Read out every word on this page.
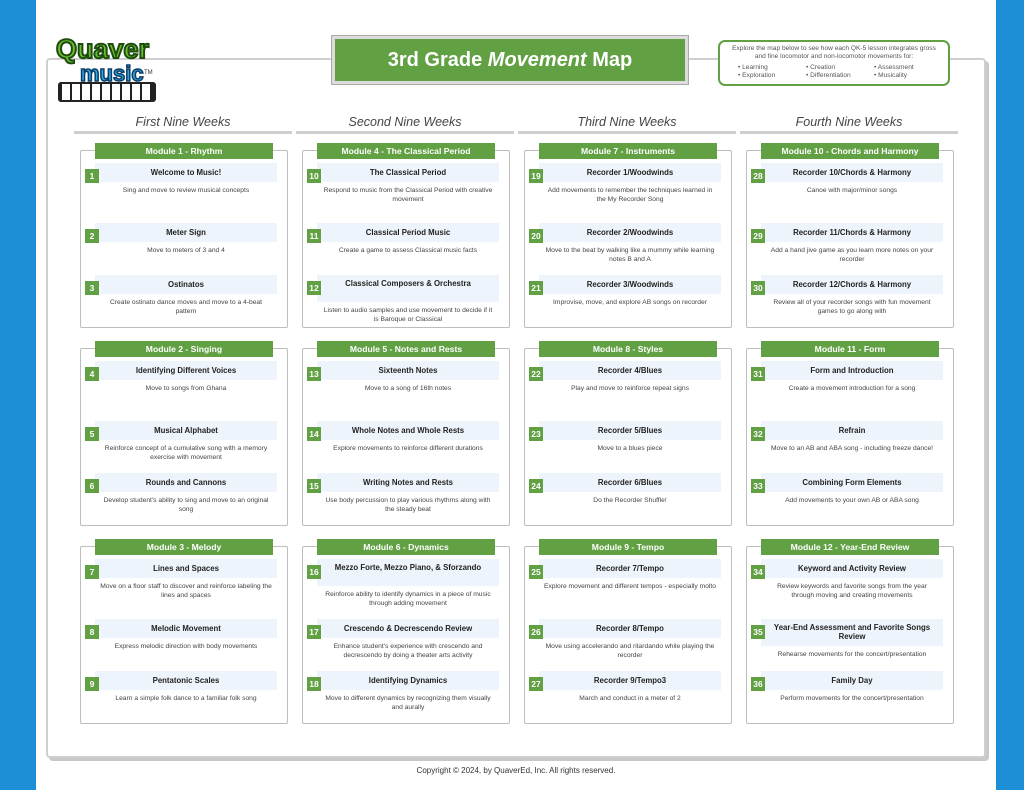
Quaver
music TM
3rd Grade Movement Map
Explore the map below to see how each QK-5 lesson integrates gross and fine locomotor and non-locomotor movements for:
• Learning	• Creation	• Assessment
• Exploration	• Differentiation	• Musicality
First Nine Weeks	Second Nine Weeks	Third Nine Weeks	Fourth Nine Weeks
Module 1 - Rhythm
1	Welcome to Music!
Sing and move to review musical concepts
2	Meter Sign
Move to meters of 3 and 4
3	Ostinatos
Create ostinato dance moves and move to a 4-beat pattern
Module 4 - The Classical Period
10	The Classical Period
Respond to music from the Classical Period with creative movement
11	Classical Period Music
Create a game to assess Classical music facts
12	Classical Composers & Orchestra
Listen to audio samples and use movement to decide if it is Baroque or Classical
Module 7 - Instruments
19	Recorder 1/Woodwinds
Add movements to remember the techniques learned in the My Recorder Song
20	Recorder 2/Woodwinds
Move to the beat by walking like a mummy while learning notes B and A
21	Recorder 3/Woodwinds
Improvise, move, and explore AB songs on recorder
Module 10 - Chords and Harmony
28	Recorder 10/Chords & Harmony
Canoe with major/minor songs
29	Recorder 11/Chords & Harmony
Add a hand jive game as you learn more notes on your recorder
30	Recorder 12/Chords & Harmony
Review all of your recorder songs with fun movement games to go along with
Module 2 - Singing
4	Identifying Different Voices
Move to songs from Ghana
5	Musical Alphabet
Reinforce concept of a cumulative song with a memory exercise with movement
6	Rounds and Cannons
Develop student's ability to sing and move to an original song
Module 5 - Notes and Rests
13	Sixteenth Notes
Move to a song of 16th notes
14	Whole Notes and Whole Rests
Explore movements to reinforce different durations
15	Writing Notes and Rests
Use body percussion to play various rhythms along with the steady beat
Module 8 - Styles
22	Recorder 4/Blues
Play and move to reinforce repeat signs
23	Recorder 5/Blues
Move to a blues piece
24	Recorder 6/Blues
Do the Recorder Shuffle!
Module 11 - Form
31	Form and Introduction
Create a movement introduction for a song
32	Refrain
Move to an AB and ABA song - including freeze dance!
33	Combining Form Elements
Add movements to your own AB or ABA song
Module 3 - Melody
7	Lines and Spaces
Move on a floor staff to discover and reinforce labeling the lines and spaces
8	Melodic Movement
Express melodic direction with body movements
9	Pentatonic Scales
Learn a simple folk dance to a familiar folk song
Module 6 - Dynamics
16	Mezzo Forte, Mezzo Piano, & Sforzando
Reinforce ability to identify dynamics in a piece of music through adding movement
17	Crescendo & Decrescendo Review
Enhance student's experience with crescendo and decrescendo by doing a theater arts activity
18	Identifying Dynamics
Move to different dynamics by recognizing them visually and aurally
Module 9 - Tempo
25	Recorder 7/Tempo
Explore movement and different tempos - especially molto
26	Recorder 8/Tempo
Move using accelerando and ritardando while playing the recorder
27	Recorder 9/Tempo3
March and conduct in a meter of 2
Module 12 - Year-End Review
34	Keyword and Activity Review
Review keywords and favorite songs from the year through moving and creating movements
35	Year-End Assessment and Favorite Songs Review
Rehearse movements for the concert/presentation
36	Family Day
Perform movements for the concert/presentation
Copyright © 2024, by QuaverEd, Inc. All rights reserved.
